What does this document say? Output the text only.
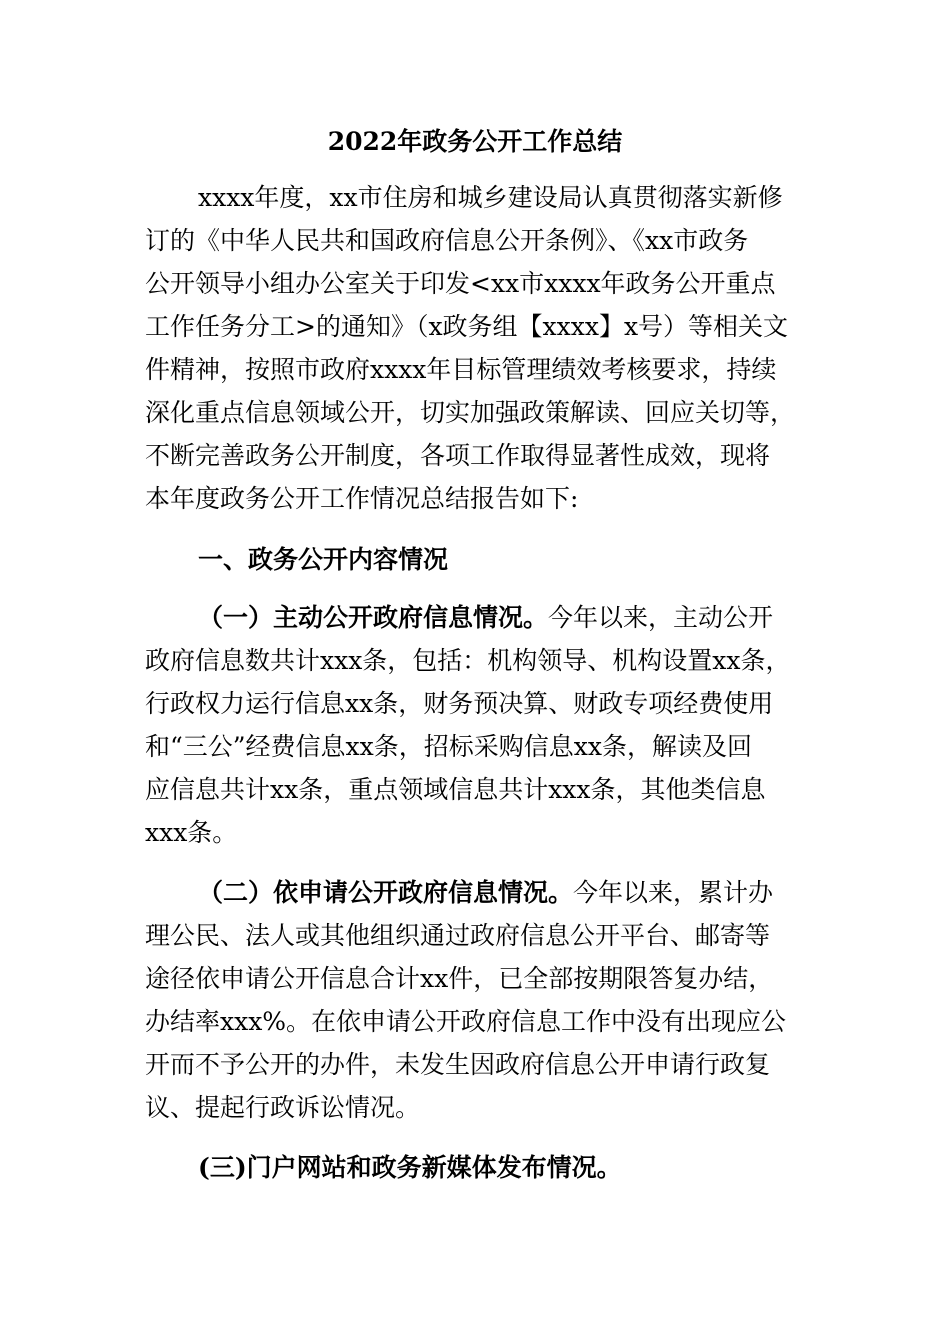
2022年政务公开工作总结
xxxx年度，xx市住房和城乡建设局认真贯彻落实新修
订的《中华人民共和国政府信息公开条例》、《xx市政务
公开领导小组办公室关于印发<xx市xxxx年政务公开重点
工作任务分工>的通知》（x政务组【xxxx】x号）等相关文
件精神，按照市政府xxxx年目标管理绩效考核要求，持续
深化重点信息领域公开，切实加强政策解读、回应关切等，
不断完善政务公开制度，各项工作取得显著性成效，现将
本年度政务公开工作情况总结报告如下:
一、政务公开内容情况
（一）主动公开政府信息情况。今年以来，主动公开
政府信息数共计xxx条，包括：机构领导、机构设置xx条，
行政权力运行信息xx条，财务预决算、财政专项经费使用
和“三公”经费信息xx条，招标采购信息xx条，解读及回
应信息共计xx条，重点领域信息共计xxx条，其他类信息
xxx条。
（二）依申请公开政府信息情况。今年以来，累计办
理公民、法人或其他组织通过政府信息公开平台、邮寄等
途径依申请公开信息合计xx件，已全部按期限答复办结，
办结率xxx%。在依申请公开政府信息工作中没有出现应公
开而不予公开的办件，未发生因政府信息公开申请行政复
议、提起行政诉讼情况。
(三)门户网站和政务新媒体发布情况。
